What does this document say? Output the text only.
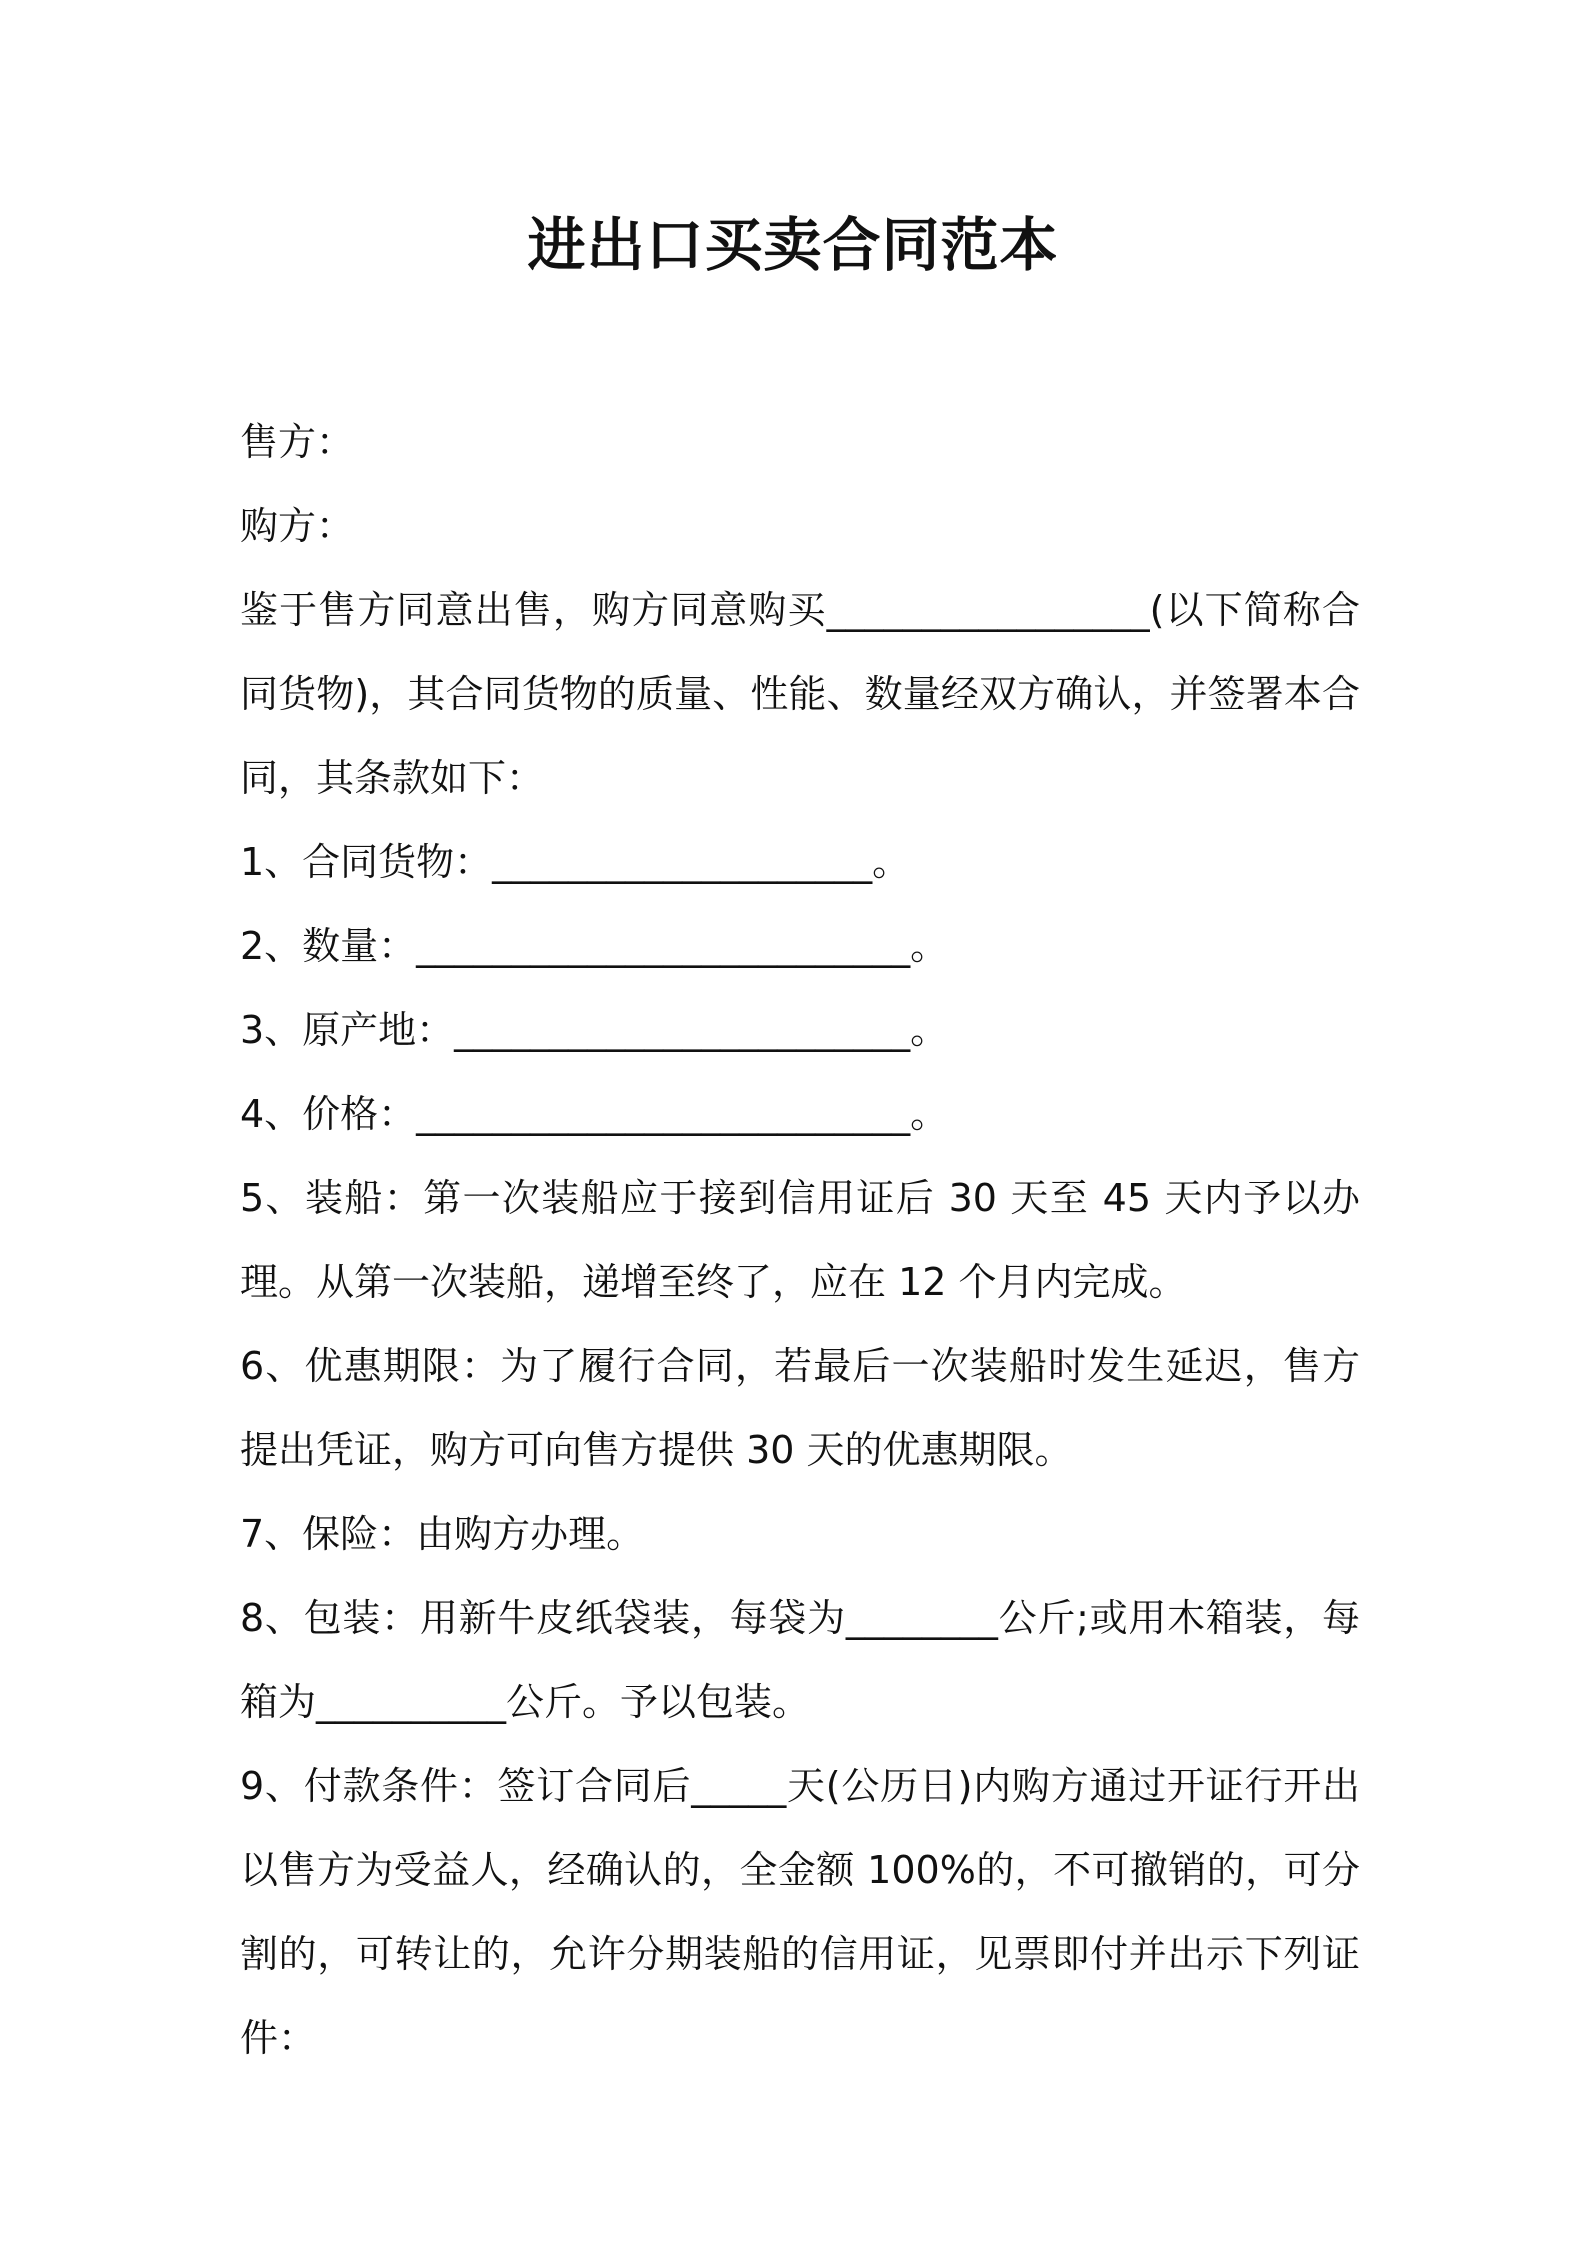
进出口买卖合同范本

售方：

购方：

鉴于售方同意出售，购方同意购买_________________(以下简称合同货物)，其合同货物的质量、性能、数量经双方确认，并签署本合同，其条款如下：

1、合同货物：____________________。

2、数量：__________________________。

3、原产地：________________________。

4、价格：__________________________。

5、装船：第一次装船应于接到信用证后 30 天至 45 天内予以办理。从第一次装船，递增至终了，应在 12 个月内完成。

6、优惠期限：为了履行合同，若最后一次装船时发生延迟，售方提出凭证，购方可向售方提供 30 天的优惠期限。

7、保险：由购方办理。

8、包装：用新牛皮纸袋装，每袋为________公斤;或用木箱装，每箱为__________公斤。予以包装。

9、付款条件：签订合同后_____天(公历日)内购方通过开证行开出以售方为受益人，经确认的，全金额 100%的，不可撤销的，可分割的，可转让的，允许分期装船的信用证，见票即付并出示下列证件：
